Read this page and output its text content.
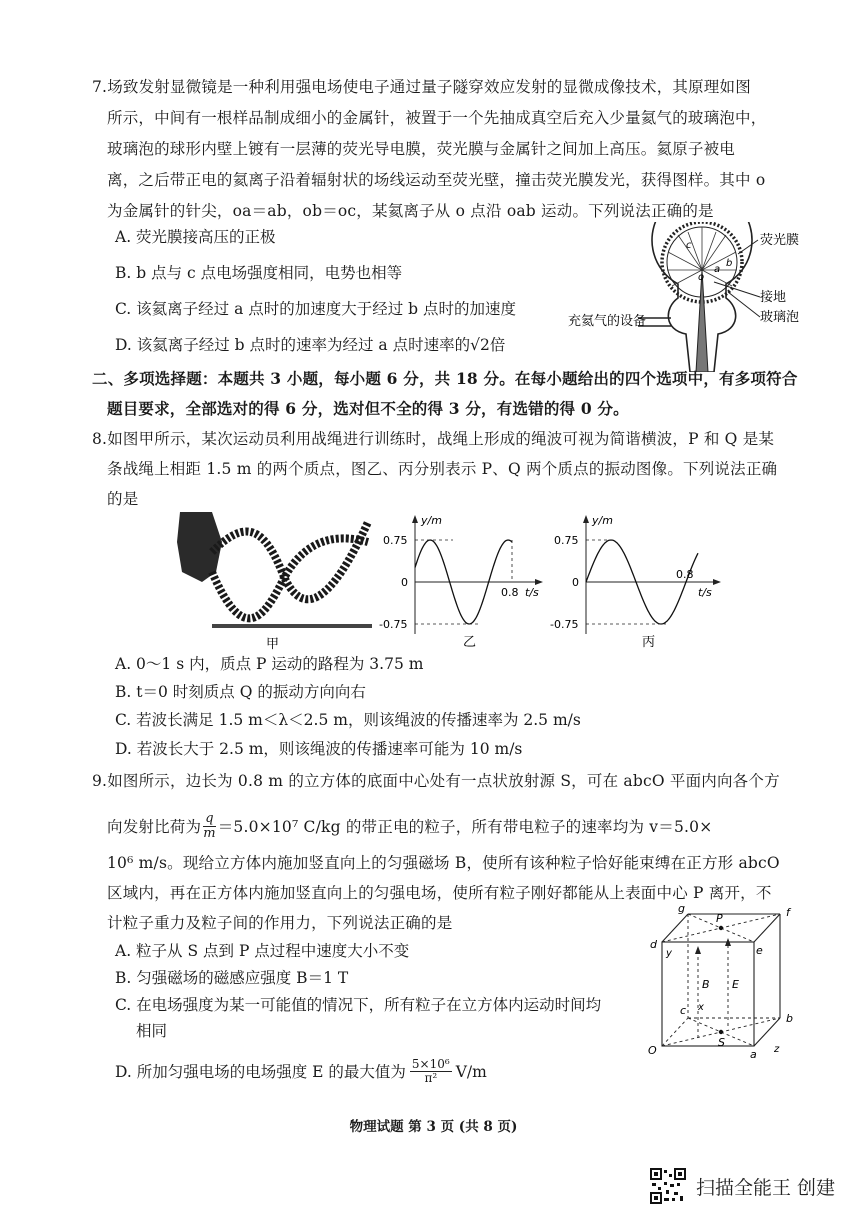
7.场致发射显微镜是一种利用强电场使电子通过量子隧穿效应发射的显微成像技术，其原理如图
所示，中间有一根样品制成细小的金属针，被置于一个先抽成真空后充入少量氦气的玻璃泡中，
玻璃泡的球形内壁上镀有一层薄的荧光导电膜，荧光膜与金属针之间加上高压。氦原子被电
离，之后带正电的氦离子沿着辐射状的场线运动至荧光壁，撞击荧光膜发光，获得图样。其中 o
为金属针的针尖，oa＝ab，ob＝oc，某氦离子从 o 点沿 oab 运动。下列说法正确的是
A. 荧光膜接高压的正极
B. b 点与 c 点电场强度相同，电势也相等
C. 该氦离子经过 a 点时的加速度大于经过 b 点时的加速度
D. 该氦离子经过 b 点时的速率为经过 a 点时速率的√2倍
c
o
a
b
荧光膜
接地
玻璃泡
充氦气的设备
二、多项选择题：本题共 3 小题，每小题 6 分，共 18 分。在每小题给出的四个选项中，有多项符合
题目要求，全部选对的得 6 分，选对但不全的得 3 分，有选错的得 0 分。
8.如图甲所示，某次运动员利用战绳进行训练时，战绳上形成的绳波可视为简谐横波，P 和 Q 是某
条战绳上相距 1.5 m 的两个质点，图乙、丙分别表示 P、Q 两个质点的振动图像。下列说法正确
的是
甲
y/m
0.75
-0.75
0
0.8 t/s
乙
y/m
0.75
-0.75
0
0.8
t/s
丙
A. 0～1 s 内，质点 P 运动的路程为 3.75 m
B. t＝0 时刻质点 Q 的振动方向向右
C. 若波长满足 1.5 m＜λ＜2.5 m，则该绳波的传播速率为 2.5 m/s
D. 若波长大于 2.5 m，则该绳波的传播速率可能为 10 m/s
9.如图所示，边长为 0.8 m 的立方体的底面中心处有一点状放射源 S，可在 abcO 平面内向各个方
向发射比荷为 $\frac{q}{m} =5.0\times 10^7$ C/kg 的带正电的粒子，所有带电粒子的速率均为 v＝5.0×
10⁶ m/s。现给立方体内施加竖直向上的匀强磁场 B，使所有该种粒子恰好能束缚在正方形 abcO
区域内，再在正方体内施加竖直向上的匀强电场，使所有粒子刚好都能从上表面中心 P 离开，不
计粒子重力及粒子间的作用力，下列说法正确的是
A. 粒子从 S 点到 P 点过程中速度大小不变
B. 匀强磁场的磁感应强度 B＝1 T
C. 在电场强度为某一可能值的情况下，所有粒子在立方体内运动时间均
相同
D. 所加匀强电场的电场强度 E 的最大值为 $\frac{\text{5×10⁶}}{\text{π²}} V/m$
g
P	f
d	e
y
B E
c
S
b
O	a z
x
物理试题 第 3 页 (共 8 页)
扫描全能王 创建
